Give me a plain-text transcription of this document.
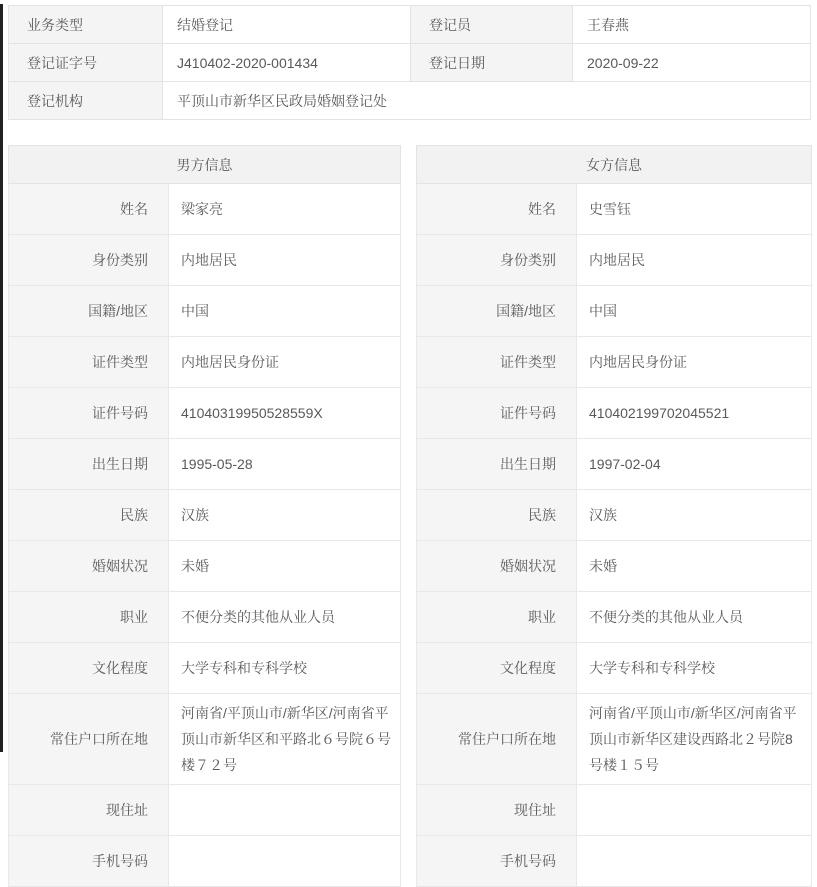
业务类型	结婚登记	登记员	王春燕
登记证字号	J410402-2020-001434	登记日期	2020-09-22
登记机构	平顶山市新华区民政局婚姻登记处		
男方信息	
姓名	梁家亮
身份类别	内地居民
国籍/地区	中国
证件类型	内地居民身份证
证件号码	41040319950528559X
出生日期	1995-05-28
民族	汉族
婚姻状况	未婚
职业	不便分类的其他从业人员
文化程度	大学专科和专科学校
常住户口所在地	河南省/平顶山市/新华区/河南省平顶山市新华区和平路北６号院６号楼７２号
现住址	
手机号码	
女方信息	
姓名	史雪钰
身份类别	内地居民
国籍/地区	中国
证件类型	内地居民身份证
证件号码	410402199702045521
出生日期	1997-02-04
民族	汉族
婚姻状况	未婚
职业	不便分类的其他从业人员
文化程度	大学专科和专科学校
常住户口所在地	河南省/平顶山市/新华区/河南省平顶山市新华区建设西路北２号院8号楼１５号
现住址	
手机号码	
